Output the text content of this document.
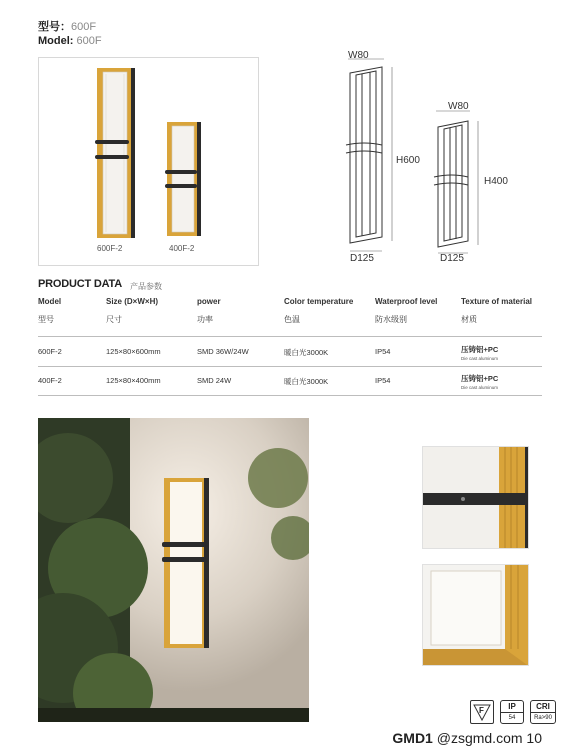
型号：600F
Model: 600F
600F-2	400F-2
W80
H600
D125
W80
H400
D125
PRODUCT DATA 产品参数
Model	Size (D×W×H)	power	Color temperature	Waterproof level	Texture of material
型号	尺寸	功率	色温	防水级别	材质
600F-2	125×80×600mm	SMD 36W/24W	暖白光3000K	IP54	压铸铝+PC
Die cast aluminum
400F-2	125×80×400mm	SMD 24W	暖白光3000K	IP54	压铸铝+PC
Die cast aluminum
F	IP
54
CRI
Ra>90
GMD1 @zsgmd.com 10
